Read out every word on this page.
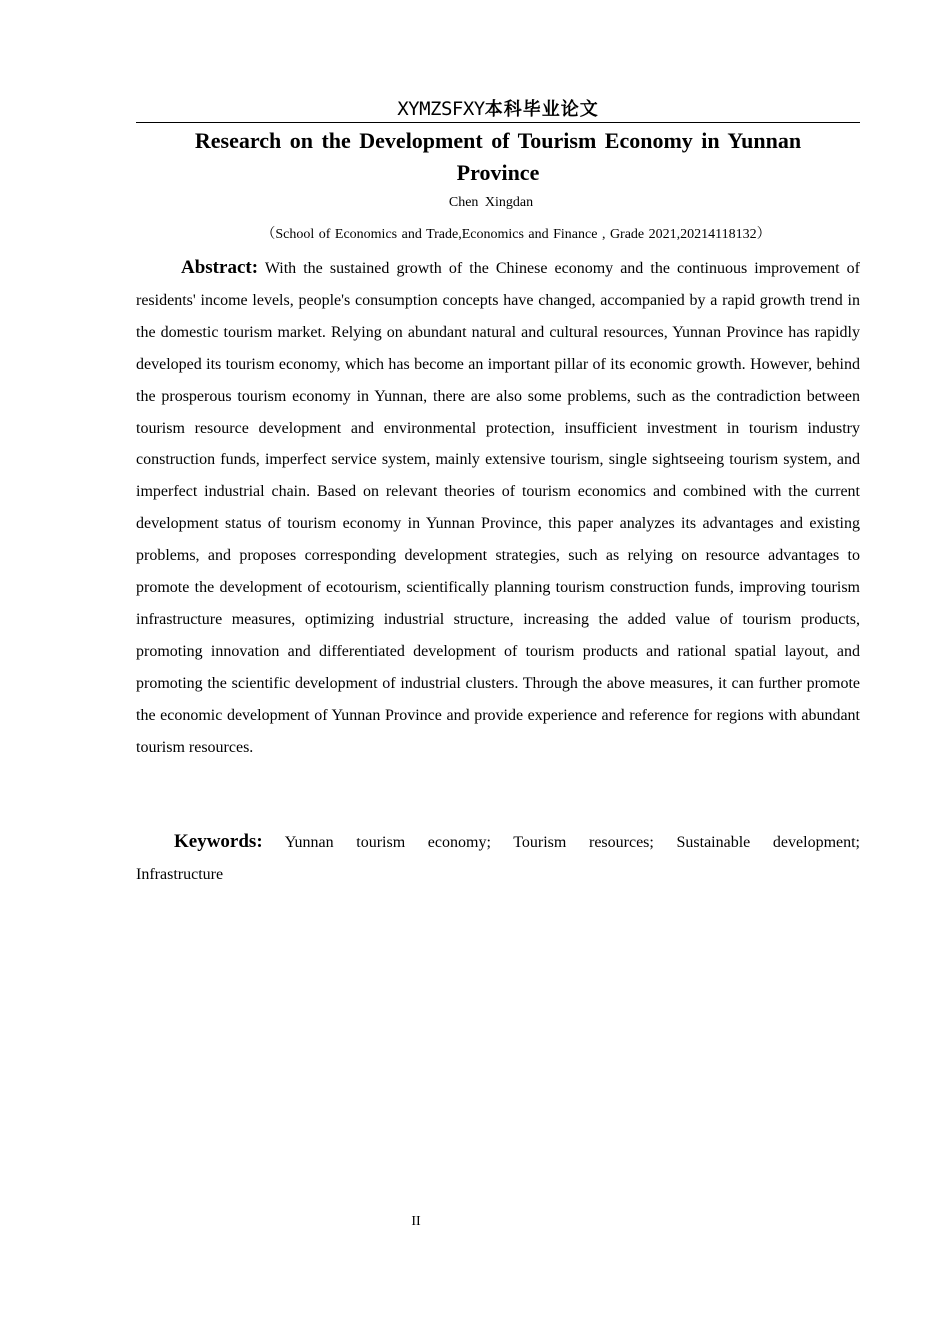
XYMZSFXY本科毕业论文
Research on the Development of Tourism Economy in Yunnan Province
Chen Xingdan
（School of Economics and Trade,Economics and Finance , Grade 2021,20214118132）

Abstract: With the sustained growth of the Chinese economy and the continuous improvement of residents' income levels, people's consumption concepts have changed, accompanied by a rapid growth trend in the domestic tourism market. Relying on abundant natural and cultural resources, Yunnan Province has rapidly developed its tourism economy, which has become an important pillar of its economic growth. However, behind the prosperous tourism economy in Yunnan, there are also some problems, such as the contradiction between tourism resource development and environmental protection, insufficient investment in tourism industry construction funds, imperfect service system, mainly extensive tourism, single sightseeing tourism system, and imperfect industrial chain. Based on relevant theories of tourism economics and combined with the current development status of tourism economy in Yunnan Province, this paper analyzes its advantages and existing problems, and proposes corresponding development strategies, such as relying on resource advantages to promote the development of ecotourism, scientifically planning tourism construction funds, improving tourism infrastructure measures, optimizing industrial structure, increasing the added value of tourism products, promoting innovation and differentiated development of tourism products and rational spatial layout, and promoting the scientific development of industrial clusters. Through the above measures, it can further promote the economic development of Yunnan Province and provide experience and reference for regions with abundant tourism resources.

Keywords: Yunnan tourism economy; Tourism resources; Sustainable development; Infrastructure

II
